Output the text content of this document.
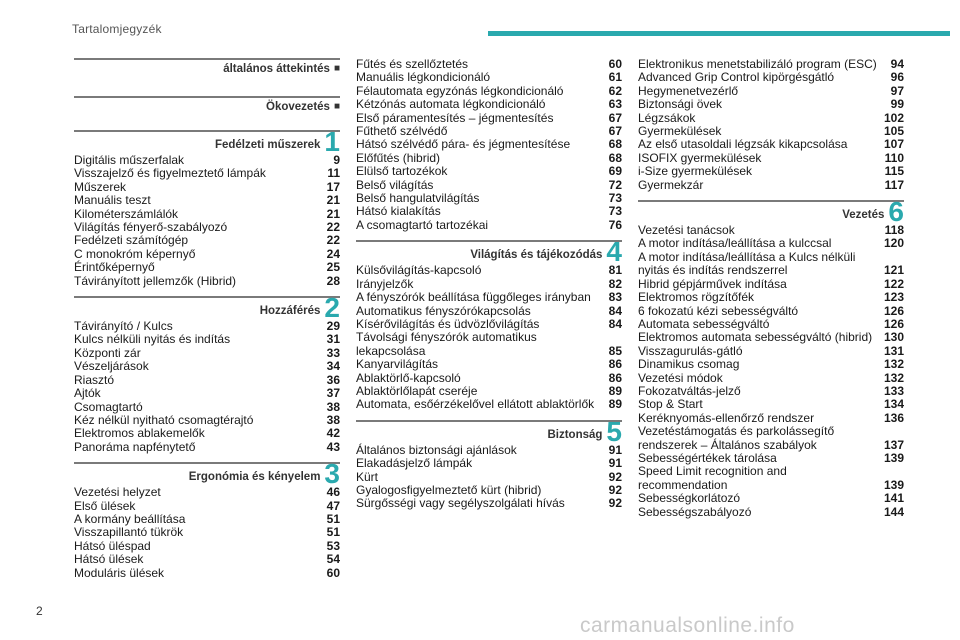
Tartalomjegyzék
általános áttekintés ■
Ökovezetés ■
Fedélzeti műszerek 1
Digitális műszerfalak	9
Visszajelző és figyelmeztető lámpák	11
Műszerek	17
Manuális teszt	21
Kilométerszámlálók	21
Világítás fényerő-szabályozó	22
Fedélzeti számítógép	22
C monokróm képernyő	24
Érintőképernyő	25
Távirányított jellemzők (Hibrid)	28
Hozzáférés 2
Távirányító / Kulcs	29
Kulcs nélküli nyitás és indítás	31
Központi zár	33
Vészeljárások	34
Riasztó	36
Ajtók	37
Csomagtartó	38
Kéz nélkül nyitható csomagtérajtó	38
Elektromos ablakemelők	42
Panoráma napfénytető	43
Ergonómia és kényelem 3
Vezetési helyzet	46
Első ülések	47
A kormány beállítása	51
Visszapillantó tükrök	51
Hátsó üléspad	53
Hátsó ülések	54
Moduláris ülések	60
Fűtés és szellőztetés	60
Manuális légkondicionáló	61
Félautomata egyzónás légkondicionáló	62
Kétzónás automata légkondicionáló	63
Első páramentesítés – jégmentesítés	67
Fűthető szélvédő	67
Hátsó szélvédő pára- és jégmentesítése	68
Előfűtés (hibrid)	68
Elülső tartozékok	69
Belső világítás	72
Belső hangulatvilágítás	73
Hátsó kialakítás	73
A csomagtartó tartozékai	76
Világítás és tájékozódás 4
Külsővilágítás-kapcsoló	81
Irányjelzők	82
A fényszórók beállítása függőleges irányban	83
Automatikus fényszórókapcsolás	84
Kísérővilágítás és üdvözlővilágítás	84
Távolsági fényszórók automatikus lekapcsolása	85
Kanyarvilágítás	86
Ablaktörlő-kapcsoló	86
Ablaktörlőlapát cseréje	89
Automata, esőérzékelővel ellátott ablaktörlők	89
Biztonság 5
Általános biztonsági ajánlások	91
Elakadásjelző lámpák	91
Kürt	92
Gyalogosfigyelmeztető kürt (hibrid)	92
Sürgősségi vagy segélyszolgálati hívás	92
Elektronikus menetstabilizáló program (ESC)	94
Advanced Grip Control kipörgésgátló	96
Hegymenetvezérlő	97
Biztonsági övek	99
Légzsákok	102
Gyermekülések	105
Az első utasoldali légzsák kikapcsolása	107
ISOFIX gyermekülések	110
i-Size gyermekülések	115
Gyermekzár	117
Vezetés 6
Vezetési tanácsok	118
A motor indítása/leállítása a kulccsal	120
A motor indítása/leállítása a Kulcs nélküli nyitás és indítás rendszerrel	121
Hibrid gépjárművek indítása	122
Elektromos rögzítőfék	123
6 fokozatú kézi sebességváltó	126
Automata sebességváltó	126
Elektromos automata sebességváltó (hibrid) 130
Visszagurulás-gátló	131
Dinamikus csomag	132
Vezetési módok	132
Fokozatváltás-jelző	133
Stop & Start	134
Keréknyomás-ellenőrző rendszer	136
Vezetéstámogatás és parkolássegítő rendszerek – Általános szabályok	137
Sebességértékek tárolása	139
Speed Limit recognition and recommendation	139
Sebességkorlátozó	141
Sebességszabályozó	144
2
carmanualsonline.info
